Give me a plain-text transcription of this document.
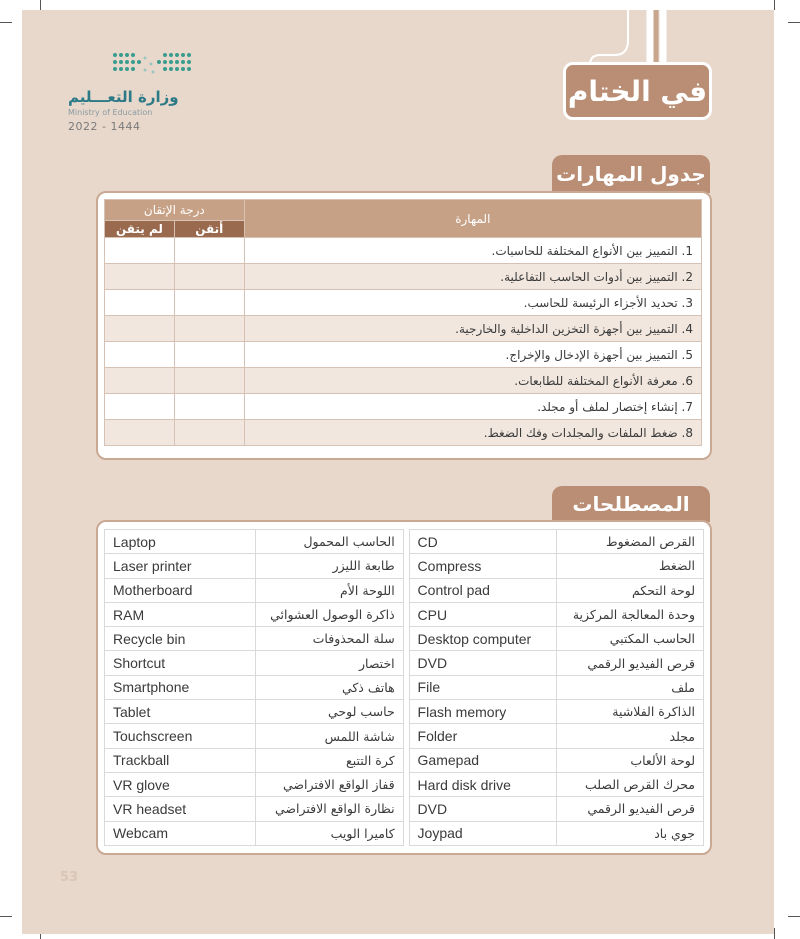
في الختام
وزارة التعـــليم
Ministry of Education
2022 - 1444
جدول المهارات
درجة الإتقان		المهارة
لم يتقن	أتقن	
		1. التمييز بين الأنواع المختلفة للحاسبات.
		2. التمييز بين أدوات الحاسب التفاعلية.
		3. تحديد الأجزاء الرئيسة للحاسب.
		4. التمييز بين أجهزة التخزين الداخلية والخارجية.
		5. التمييز بين أجهزة الإدخال والإخراج.
		6. معرفة الأنواع المختلفة للطابعات.
		7. إنشاء إختصار لملف أو مجلد.
		8. ضغط الملفات والمجلدات وفك الضغط.
المصطلحات
Laptop	الحاسب المحمول		CD	القرص المضغوط
Laser printer	طابعة الليزر		Compress	الضغط
Motherboard	اللوحة الأم		Control pad	لوحة التحكم
RAM	ذاكرة الوصول العشوائي		CPU	وحدة المعالجة المركزية
Recycle bin	سلة المحذوفات		Desktop computer	الحاسب المكتبي
Shortcut	اختصار		DVD	قرص الفيديو الرقمي
Smartphone	هاتف ذكي		File	ملف
Tablet	حاسب لوحي		Flash memory	الذاكرة الفلاشية
Touchscreen	شاشة اللمس		Folder	مجلد
Trackball	كرة التتبع		Gamepad	لوحة الألعاب
VR glove	قفاز الواقع الافتراضي		Hard disk drive	محرك القرص الصلب
VR headset	نظارة الواقع الافتراضي		DVD	قرص الفيديو الرقمي
Webcam	كاميرا الويب		Joypad	جوي باد
53
